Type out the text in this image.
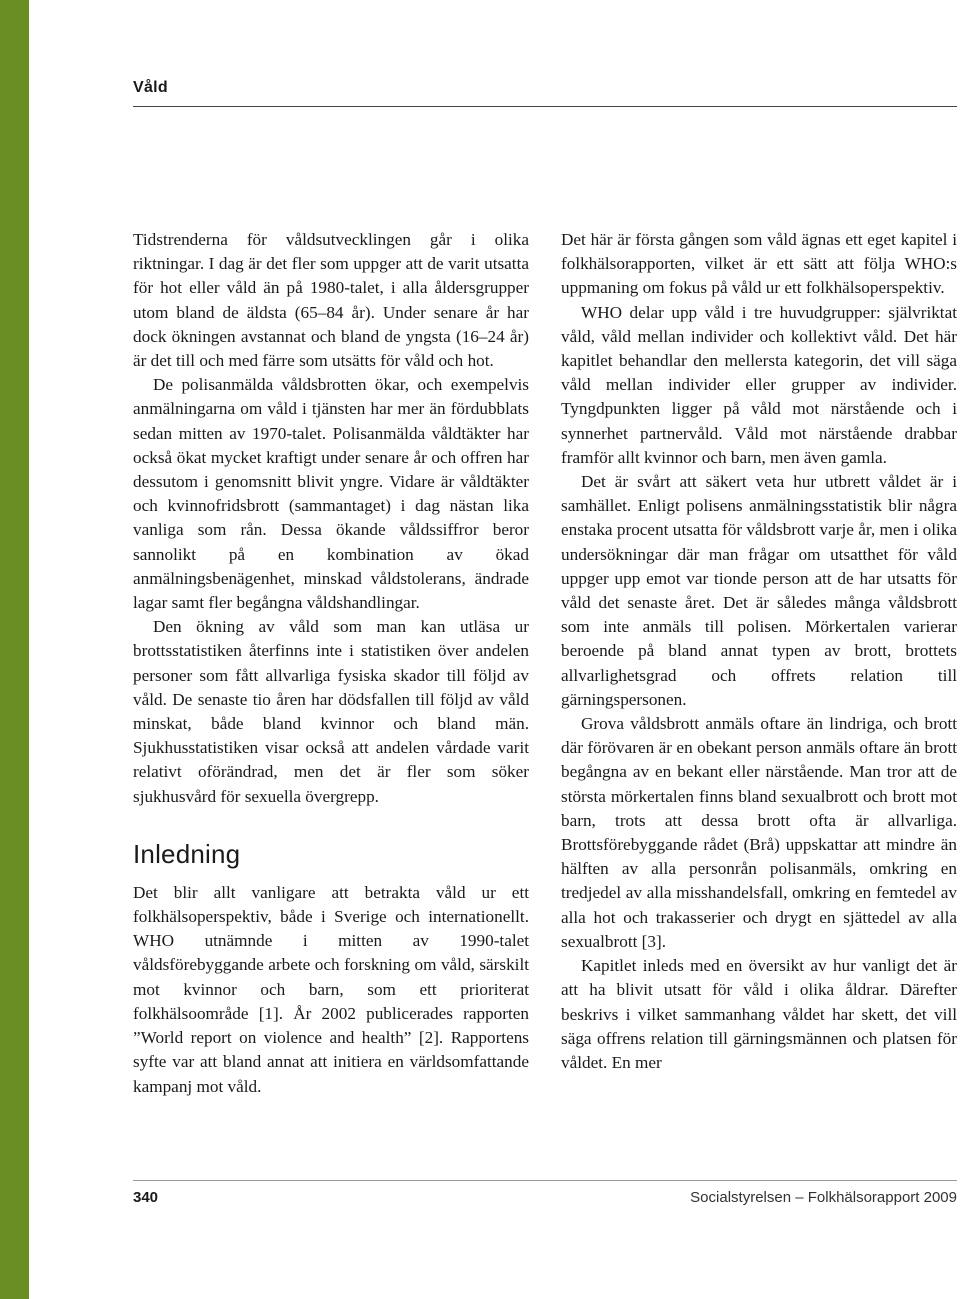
Våld

Tidstrenderna för våldsutvecklingen går i olika riktningar. I dag är det fler som uppger att de varit utsatta för hot eller våld än på 1980-talet, i alla åldersgrupper utom bland de äldsta (65–84 år). Under senare år har dock ökningen avstannat och bland de yngsta (16–24 år) är det till och med färre som utsätts för våld och hot.

De polisanmälda våldsbrotten ökar, och exempelvis anmälningarna om våld i tjänsten har mer än fördubblats sedan mitten av 1970-talet. Polisanmälda våldtäkter har också ökat mycket kraftigt under senare år och offren har dessutom i genomsnitt blivit yngre. Vidare är våldtäkter och kvinnofridsbrott (sammantaget) i dag nästan lika vanliga som rån. Dessa ökande våldssiffror beror sannolikt på en kombination av ökad anmälningsbenägenhet, minskad våldstolerans, ändrade lagar samt fler begångna våldshandlingar.

Den ökning av våld som man kan utläsa ur brottsstatistiken återfinns inte i statistiken över andelen personer som fått allvarliga fysiska skador till följd av våld. De senaste tio åren har dödsfallen till följd av våld minskat, både bland kvinnor och bland män. Sjukhusstatistiken visar också att andelen vårdade varit relativt oförändrad, men det är fler som söker sjukhusvård för sexuella övergrepp.

Inledning

Det blir allt vanligare att betrakta våld ur ett folkhälsoperspektiv, både i Sverige och internationellt. WHO utnämnde i mitten av 1990-talet våldsförebyggande arbete och forskning om våld, särskilt mot kvinnor och barn, som ett prioriterat folkhälsoområde [1]. År 2002 publicerades rapporten ”World report on violence and health” [2]. Rapportens syfte var att bland annat att initiera en världsomfattande kampanj mot våld.

Det här är första gången som våld ägnas ett eget kapitel i folkhälsorapporten, vilket är ett sätt att följa WHO:s uppmaning om fokus på våld ur ett folkhälsoperspektiv.

WHO delar upp våld i tre huvudgrupper: självriktat våld, våld mellan individer och kollektivt våld. Det här kapitlet behandlar den mellersta kategorin, det vill säga våld mellan individer eller grupper av individer. Tyngdpunkten ligger på våld mot närstående och i synnerhet partnervåld. Våld mot närstående drabbar framför allt kvinnor och barn, men även gamla.

Det är svårt att säkert veta hur utbrett våldet är i samhället. Enligt polisens anmälningsstatistik blir några enstaka procent utsatta för våldsbrott varje år, men i olika undersökningar där man frågar om utsatthet för våld uppger upp emot var tionde person att de har utsatts för våld det senaste året. Det är således många våldsbrott som inte anmäls till polisen. Mörkertalen varierar beroende på bland annat typen av brott, brottets allvarlighetsgrad och offrets relation till gärningspersonen.

Grova våldsbrott anmäls oftare än lindriga, och brott där förövaren är en obekant person anmäls oftare än brott begångna av en bekant eller närstående. Man tror att de största mörkertalen finns bland sexualbrott och brott mot barn, trots att dessa brott ofta är allvarliga. Brottsförebyggande rådet (Brå) uppskattar att mindre än hälften av alla personrån polisanmäls, omkring en tredjedel av alla misshandelsfall, omkring en femtedel av alla hot och trakasserier och drygt en sjättedel av alla sexualbrott [3].

Kapitlet inleds med en översikt av hur vanligt det är att ha blivit utsatt för våld i olika åldrar. Därefter beskrivs i vilket sammanhang våldet har skett, det vill säga offrens relation till gärningsmännen och platsen för våldet. En mer

340	Socialstyrelsen – Folkhälsorapport 2009
